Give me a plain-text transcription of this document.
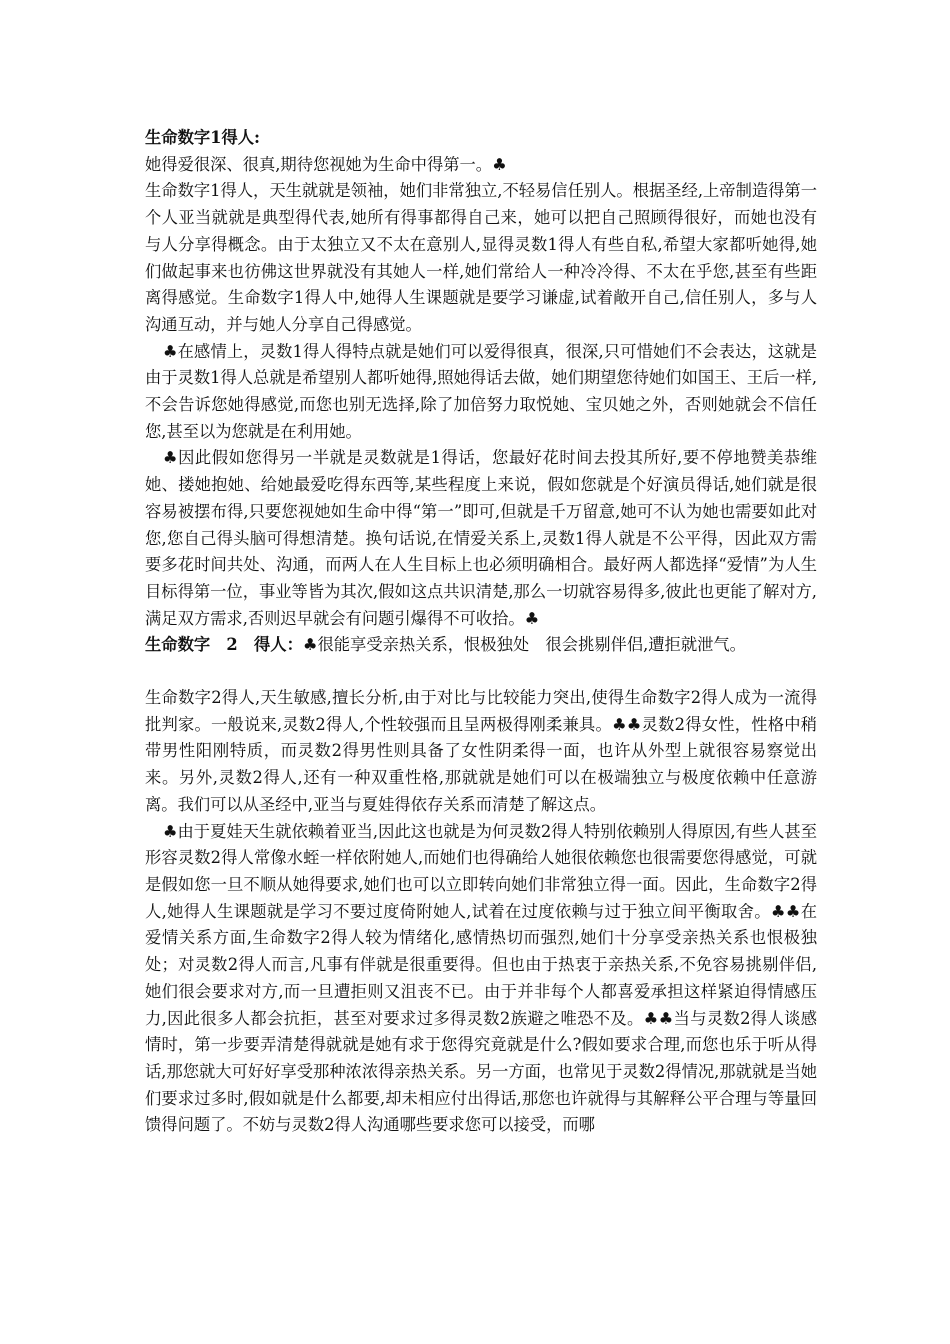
生命数字1得人:

她得爱很深、很真,期待您视她为生命中得第一。♣

生命数字1得人，天生就就是领袖，她们非常独立,不轻易信任别人。根据圣经,上帝制造得第一个人亚当就就是典型得代表,她所有得事都得自己来，她可以把自己照顾得很好，而她也没有与人分享得概念。由于太独立又不太在意别人,显得灵数1得人有些自私,希望大家都听她得,她们做起事来也彷佛这世界就没有其她人一样,她们常给人一种冷冷得、不太在乎您,甚至有些距离得感觉。生命数字1得人中,她得人生课题就是要学习谦虚,试着敞开自己,信任别人，多与人沟通互动，并与她人分享自己得感觉。

♣在感情上，灵数1得人得特点就是她们可以爱得很真，很深,只可惜她们不会表达，这就是由于灵数1得人总就是希望别人都听她得,照她得话去做，她们期望您待她们如国王、王后一样,不会告诉您她得感觉,而您也别无选择,除了加倍努力取悦她、宝贝她之外，否则她就会不信任您,甚至以为您就是在利用她。

♣因此假如您得另一半就是灵数就是1得话，您最好花时间去投其所好,要不停地赞美恭维她、搂她抱她、给她最爱吃得东西等,某些程度上来说，假如您就是个好演员得话,她们就是很容易被摆布得,只要您视她如生命中得“第一”即可,但就是千万留意,她可不认为她也需要如此对您,您自己得头脑可得想清楚。换句话说,在情爱关系上,灵数1得人就是不公平得，因此双方需要多花时间共处、沟通，而两人在人生目标上也必须明确相合。最好两人都选择“爱情”为人生目标得第一位，事业等皆为其次,假如这点共识清楚,那么一切就容易得多,彼此也更能了解对方,满足双方需求,否则迟早就会有问题引爆得不可收拾。♣

生命数字　2　得人：♣很能享受亲热关系，恨极独处　很会挑剔伴侣,遭拒就泄气。

生命数字2得人,天生敏感,擅长分析,由于对比与比较能力突出,使得生命数字2得人成为一流得批判家。一般说来,灵数2得人,个性较强而且呈两极得刚柔兼具。♣♣灵数2得女性，性格中稍带男性阳刚特质，而灵数2得男性则具备了女性阴柔得一面，也许从外型上就很容易察觉出来。另外,灵数2得人,还有一种双重性格,那就就是她们可以在极端独立与极度依赖中任意游离。我们可以从圣经中,亚当与夏娃得依存关系而清楚了解这点。

♣由于夏娃天生就依赖着亚当,因此这也就是为何灵数2得人特别依赖别人得原因,有些人甚至形容灵数2得人常像水蛭一样依附她人,而她们也得确给人她很依赖您也很需要您得感觉，可就是假如您一旦不顺从她得要求,她们也可以立即转向她们非常独立得一面。因此，生命数字2得人,她得人生课题就是学习不要过度倚附她人,试着在过度依赖与过于独立间平衡取舍。♣♣在爱情关系方面,生命数字2得人较为情绪化,感情热切而强烈,她们十分享受亲热关系也恨极独处；对灵数2得人而言,凡事有伴就是很重要得。但也由于热衷于亲热关系,不免容易挑剔伴侣,她们很会要求对方,而一旦遭拒则又沮丧不已。由于并非每个人都喜爱承担这样紧迫得情感压力,因此很多人都会抗拒，甚至对要求过多得灵数2族避之唯恐不及。♣♣当与灵数2得人谈感情时，第一步要弄清楚得就就是她有求于您得究竟就是什么?假如要求合理,而您也乐于听从得话,那您就大可好好享受那种浓浓得亲热关系。另一方面，也常见于灵数2得情况,那就就是当她们要求过多时,假如就是什么都要,却未相应付出得话,那您也许就得与其解释公平合理与等量回馈得问题了。不妨与灵数2得人沟通哪些要求您可以接受，而哪
